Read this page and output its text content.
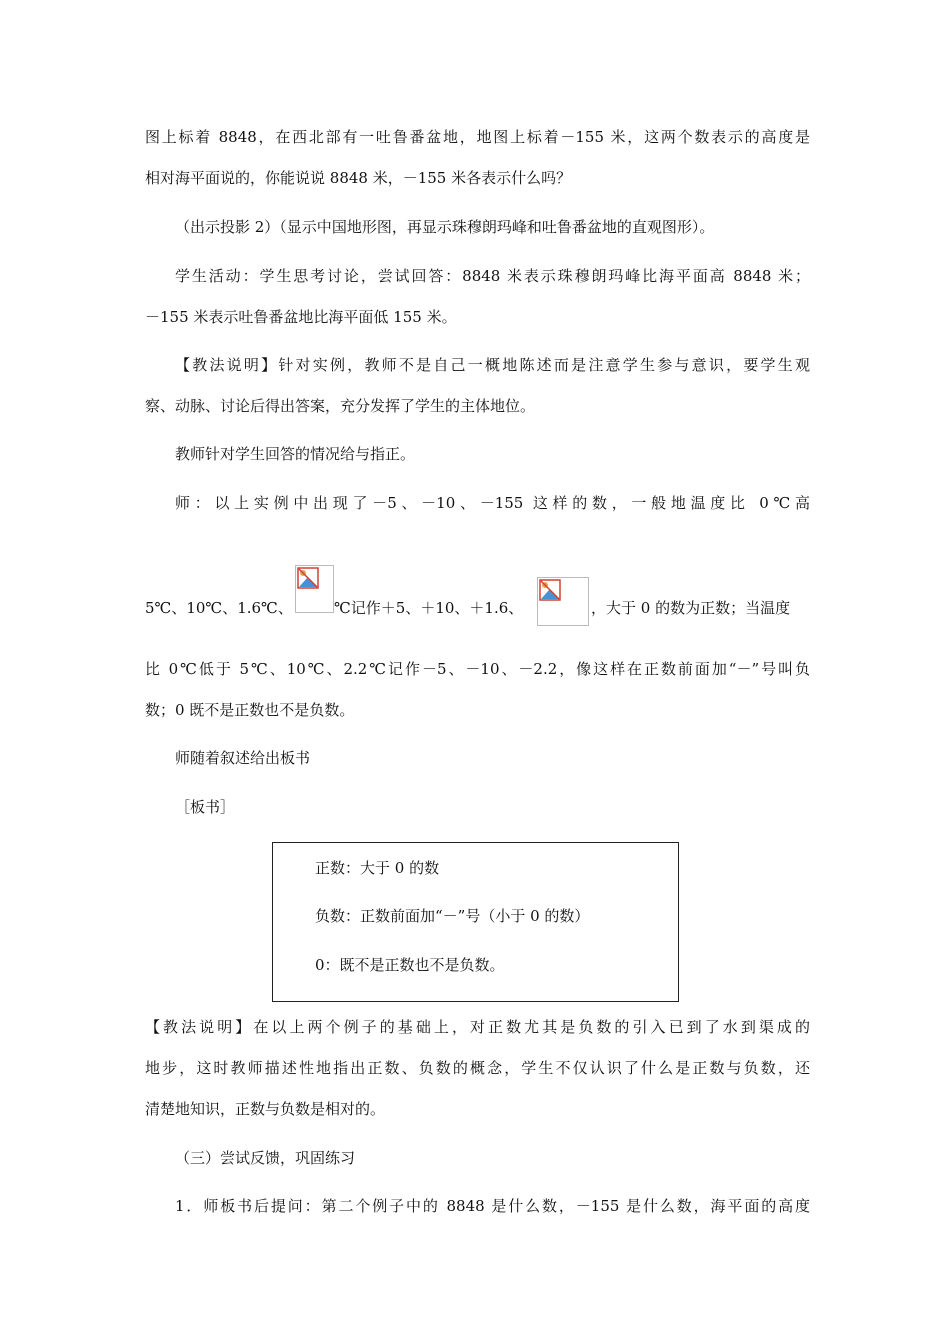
图上标着 8848，在西北部有一吐鲁番盆地，地图上标着－155 米，这两个数表示的高度是
相对海平面说的，你能说说 8848 米，－155 米各表示什么吗？
（出示投影 2）（显示中国地形图，再显示珠穆朗玛峰和吐鲁番盆地的直观图形）。
学生活动：学生思考讨论，尝试回答：8848 米表示珠穆朗玛峰比海平面高 8848 米；
－155 米表示吐鲁番盆地比海平面低 155 米。
【教法说明】针对实例，教师不是自己一概地陈述而是注意学生参与意识，要学生观
察、动脉、讨论后得出答案，充分发挥了学生的主体地位。
教师针对学生回答的情况给与指正。
师：以上实例中出现了－5、－10、－155 这样的数，一般地温度比 0℃高
5℃、10℃、1.6℃、	℃记作＋5、＋10、＋1.6、	，大于 0 的数为正数；当温度
比 0℃低于 5℃、10℃、2.2℃记作－5、－10、－2.2，像这样在正数前面加“－”号叫负
数；0 既不是正数也不是负数。
师随着叙述给出板书
［板书］
正数：大于 0 的数
负数：正数前面加“－”号（小于 0 的数）
0：既不是正数也不是负数。
【教法说明】在以上两个例子的基础上，对正数尤其是负数的引入已到了水到渠成的
地步，这时教师描述性地指出正数、负数的概念，学生不仅认识了什么是正数与负数，还
清楚地知识，正数与负数是相对的。
（三）尝试反馈，巩固练习
1．师板书后提问：第二个例子中的 8848 是什么数，－155 是什么数，海平面的高度
